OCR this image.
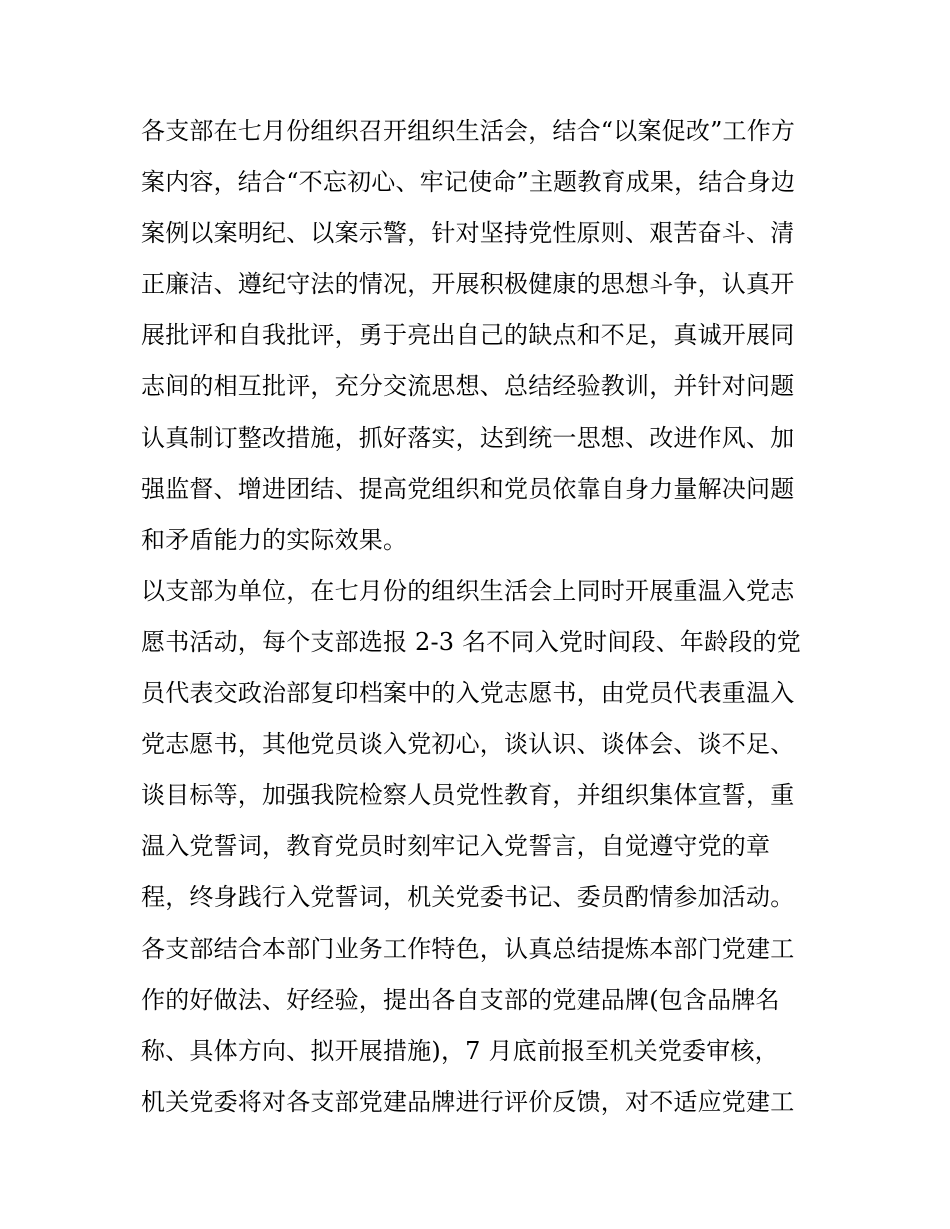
各支部在七月份组织召开组织生活会，结合“以案促改”工作方
案内容，结合“不忘初心、牢记使命”主题教育成果，结合身边
案例以案明纪、以案示警，针对坚持党性原则、艰苦奋斗、清
正廉洁、遵纪守法的情况，开展积极健康的思想斗争，认真开
展批评和自我批评，勇于亮出自己的缺点和不足，真诚开展同
志间的相互批评，充分交流思想、总结经验教训，并针对问题
认真制订整改措施，抓好落实，达到统一思想、改进作风、加
强监督、增进团结、提高党组织和党员依靠自身力量解决问题
和矛盾能力的实际效果。
以支部为单位，在七月份的组织生活会上同时开展重温入党志
愿书活动，每个支部选报 2-3 名不同入党时间段、年龄段的党
员代表交政治部复印档案中的入党志愿书，由党员代表重温入
党志愿书，其他党员谈入党初心，谈认识、谈体会、谈不足、
谈目标等，加强我院检察人员党性教育，并组织集体宣誓，重
温入党誓词，教育党员时刻牢记入党誓言，自觉遵守党的章
程，终身践行入党誓词，机关党委书记、委员酌情参加活动。
各支部结合本部门业务工作特色，认真总结提炼本部门党建工
作的好做法、好经验，提出各自支部的党建品牌(包含品牌名
称、具体方向、拟开展措施)，7 月底前报至机关党委审核，
机关党委将对各支部党建品牌进行评价反馈，对不适应党建工
